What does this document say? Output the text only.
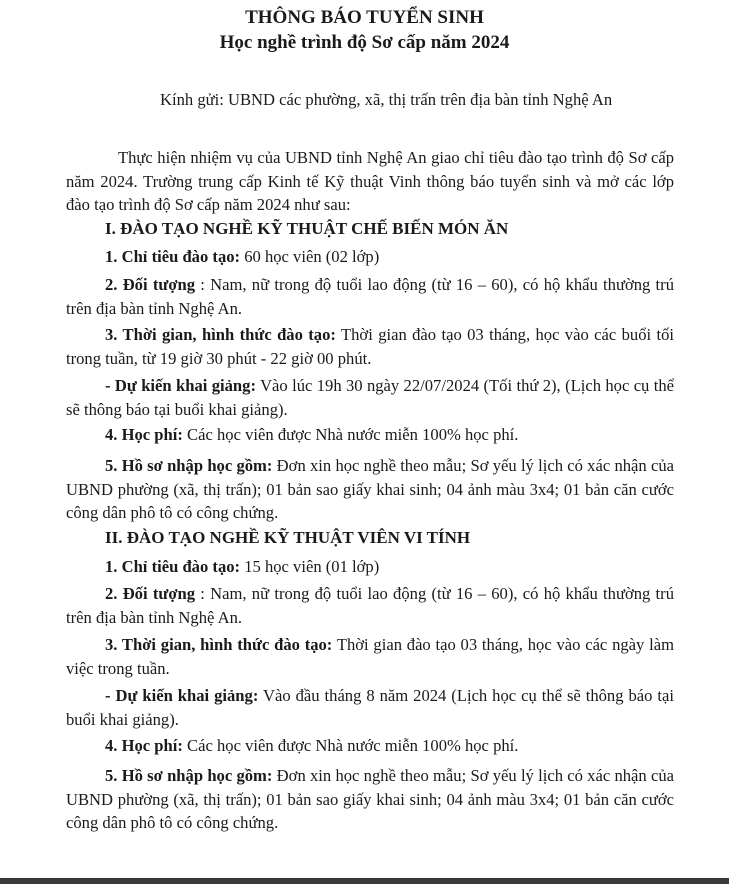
THÔNG BÁO TUYỂN SINH
Học nghề trình độ Sơ cấp năm 2024
Kính gửi: UBND các phường, xã, thị trấn trên địa bàn tỉnh Nghệ An
Thực hiện nhiệm vụ của UBND tỉnh Nghệ An giao chỉ tiêu đào tạo trình độ Sơ cấp năm 2024. Trường trung cấp Kinh tế Kỹ thuật Vinh thông báo tuyển sinh và mở các lớp đào tạo trình độ Sơ cấp năm 2024 như sau:
I. ĐÀO TẠO NGHỀ KỸ THUẬT CHẾ BIẾN MÓN ĂN
1. Chỉ tiêu đào tạo: 60 học viên (02 lớp)
2. Đối tượng : Nam, nữ trong độ tuổi lao động (từ 16 – 60), có hộ khẩu thường trú trên địa bàn tỉnh Nghệ An.
3. Thời gian, hình thức đào tạo: Thời gian đào tạo 03 tháng, học vào các buổi tối trong tuần, từ 19 giờ 30 phút - 22 giờ 00 phút.
- Dự kiến khai giảng: Vào lúc 19h 30 ngày 22/07/2024 (Tối thứ 2), (Lịch học cụ thể sẽ thông báo tại buổi khai giảng).
4. Học phí: Các học viên được Nhà nước miễn 100% học phí.
5. Hồ sơ nhập học gồm: Đơn xin học nghề theo mẫu; Sơ yếu lý lịch có xác nhận của UBND phường (xã, thị trấn); 01 bản sao giấy khai sinh; 04 ảnh màu 3x4; 01 bản căn cước công dân phô tô có công chứng.
II. ĐÀO TẠO NGHỀ KỸ THUẬT VIÊN VI TÍNH
1. Chỉ tiêu đào tạo: 15 học viên (01 lớp)
2. Đối tượng : Nam, nữ trong độ tuổi lao động (từ 16 – 60), có hộ khẩu thường trú trên địa bàn tỉnh Nghệ An.
3. Thời gian, hình thức đào tạo: Thời gian đào tạo 03 tháng, học vào các ngày làm việc trong tuần.
- Dự kiến khai giảng: Vào đầu tháng 8 năm 2024 (Lịch học cụ thể sẽ thông báo tại buổi khai giảng).
4. Học phí: Các học viên được Nhà nước miễn 100% học phí.
5. Hồ sơ nhập học gồm: Đơn xin học nghề theo mẫu; Sơ yếu lý lịch có xác nhận của UBND phường (xã, thị trấn); 01 bản sao giấy khai sinh; 04 ảnh màu 3x4; 01 bản căn cước công dân phô tô có công chứng.
